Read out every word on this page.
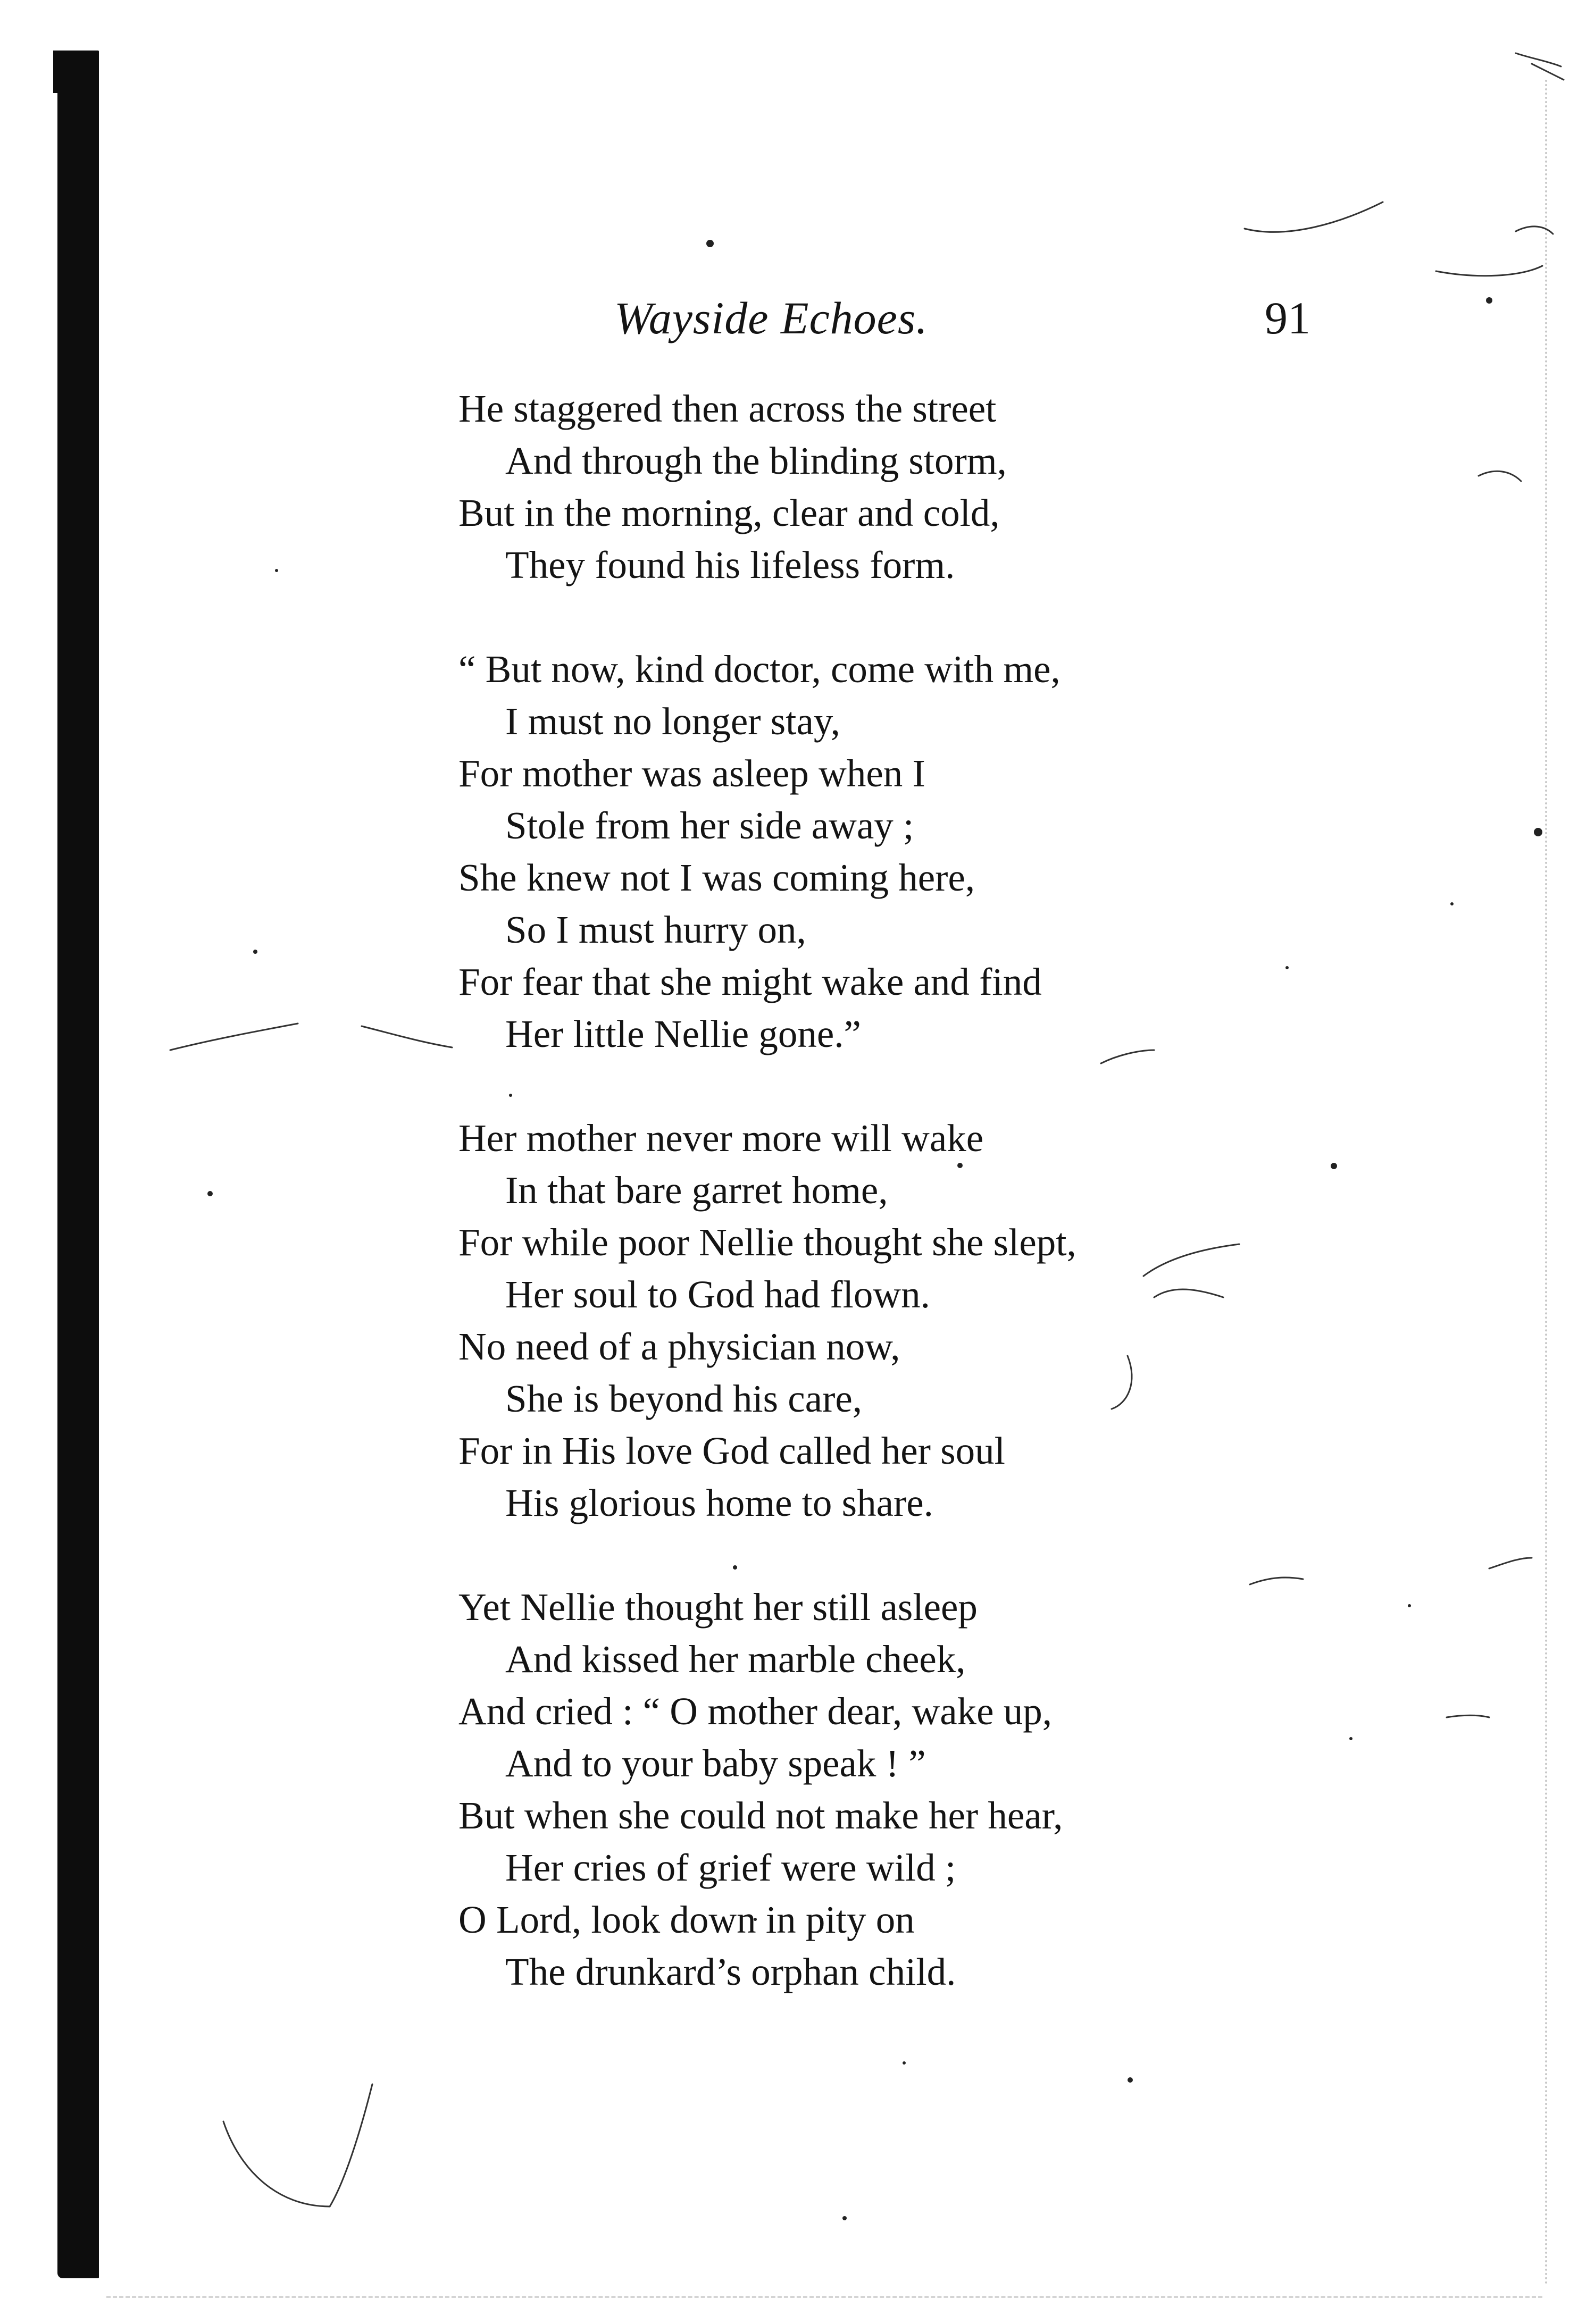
Wayside Echoes.	91
He staggered then across the street
And through the blinding storm,
But in the morning, clear and cold,
They found his lifeless form.
“ But now, kind doctor, come with me,
I must no longer stay,
For mother was asleep when I
Stole from her side away ;
She knew not I was coming here,
So I must hurry on,
For fear that she might wake and find
Her little Nellie gone.”
Her mother never more will wake
In that bare garret home,
For while poor Nellie thought she slept,
Her soul to God had flown.
No need of a physician now,
She is beyond his care,
For in His love God called her soul
His glorious home to share.
Yet Nellie thought her still asleep
And kissed her marble cheek,
And cried : “ O mother dear, wake up,
And to your baby speak ! ”
But when she could not make her hear,
Her cries of grief were wild ;
O Lord, look down in pity on
The drunkard’s orphan child.
